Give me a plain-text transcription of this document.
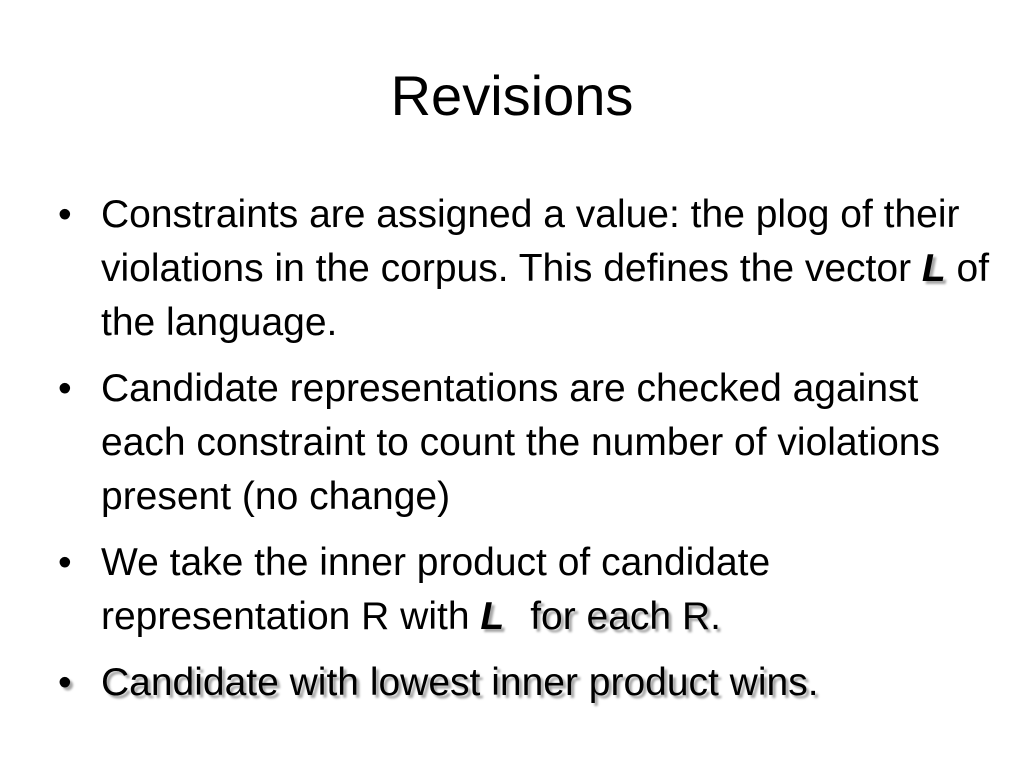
Revisions
• Constraints are assigned a value: the plog of their violations in the corpus. This defines the vector L of the language.
• Candidate representations are checked against each constraint to count the number of violations present (no change)
• We take the inner product of candidate representation R with L for each R.
• Candidate with lowest inner product wins.
